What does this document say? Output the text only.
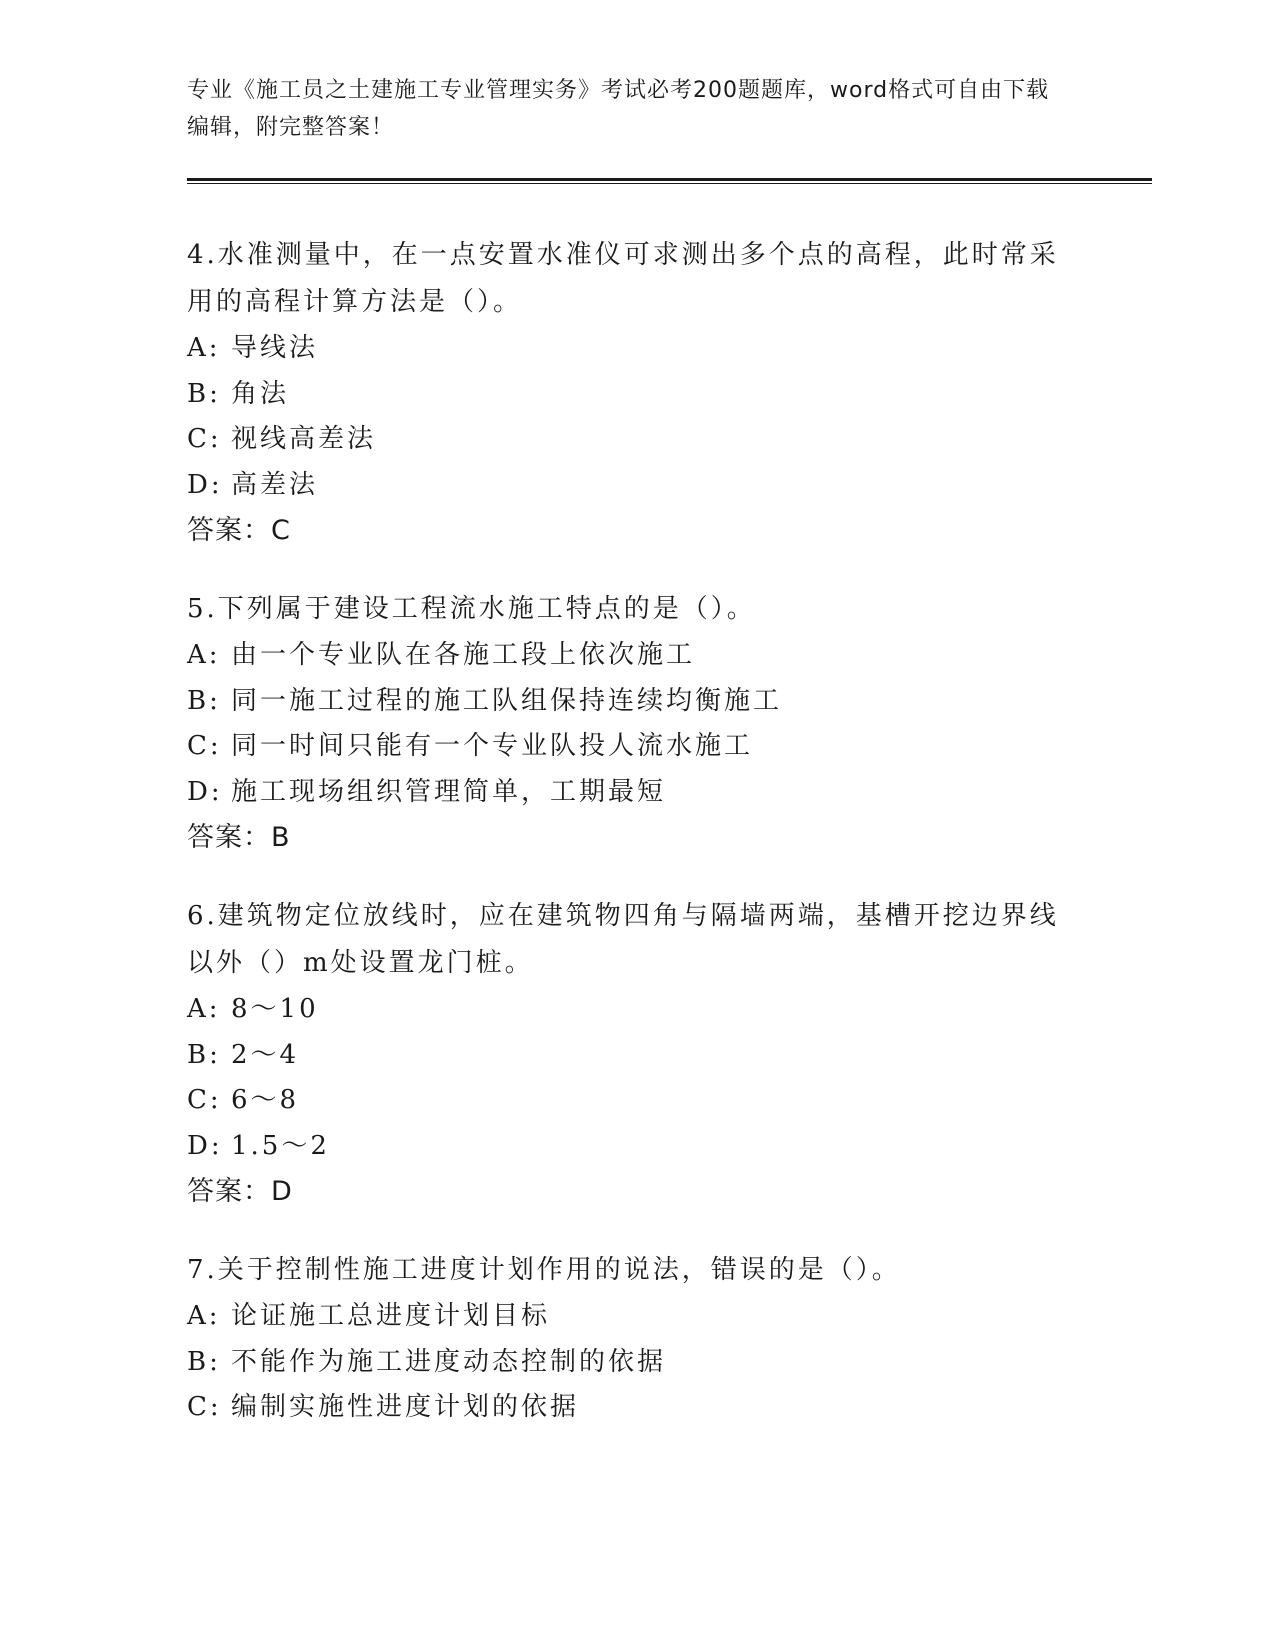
专业《施工员之土建施工专业管理实务》考试必考200题题库，word格式可自由下载编辑，附完整答案！

4.水准测量中，在一点安置水准仪可求测出多个点的高程，此时常采用的高程计算方法是（）。

A: 导线法

B: 角法

C: 视线高差法

D: 高差法

答案：C

5.下列属于建设工程流水施工特点的是（）。

A: 由一个专业队在各施工段上依次施工

B: 同一施工过程的施工队组保持连续均衡施工

C: 同一时间只能有一个专业队投人流水施工

D: 施工现场组织管理简单，工期最短

答案：B

6.建筑物定位放线时，应在建筑物四角与隔墙两端，基槽开挖边界线以外（）m处设置龙门桩。

A: 8～10

B: 2～4

C: 6～8

D: 1.5～2

答案：D

7.关于控制性施工进度计划作用的说法，错误的是（）。

A: 论证施工总进度计划目标

B: 不能作为施工进度动态控制的依据

C: 编制实施性进度计划的依据
